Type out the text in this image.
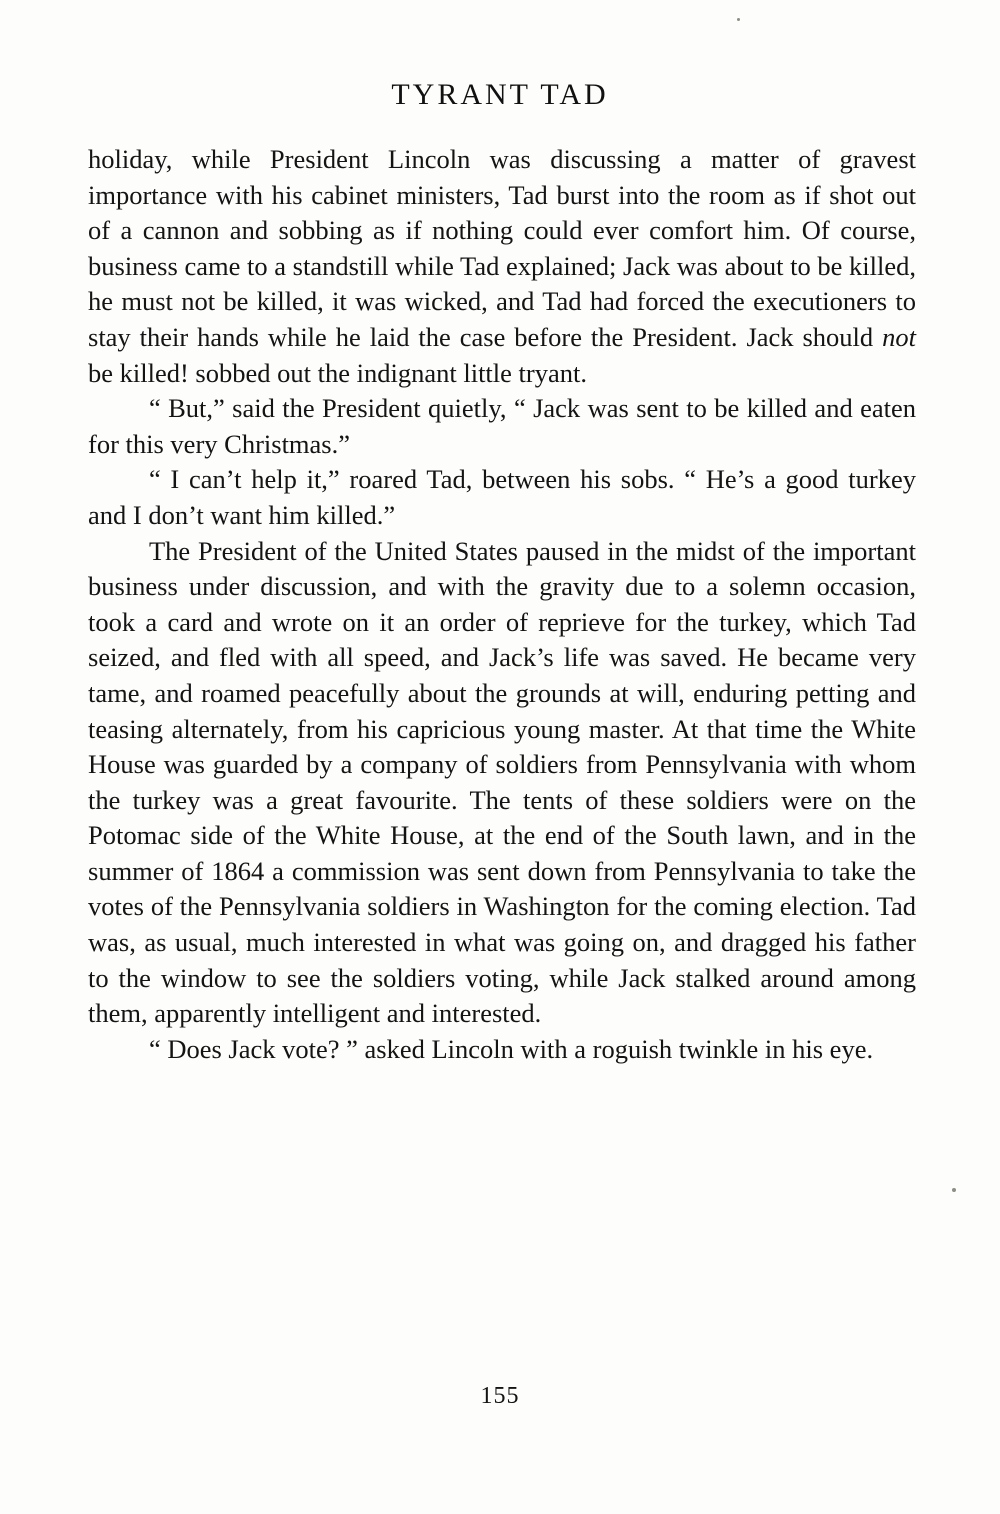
TYRANT TAD

holiday, while President Lincoln was discussing a matter of gravest importance with his cabinet ministers, Tad burst into the room as if shot out of a cannon and sobbing as if nothing could ever comfort him. Of course, business came to a standstill while Tad explained; Jack was about to be killed, he must not be killed, it was wicked, and Tad had forced the executioners to stay their hands while he laid the case before the President. Jack should not be killed! sobbed out the indignant little tryant.

“ But,” said the President quietly, “ Jack was sent to be killed and eaten for this very Christmas.”

“ I can’t help it,” roared Tad, between his sobs. “ He’s a good turkey and I don’t want him killed.”

The President of the United States paused in the midst of the important business under discussion, and with the gravity due to a solemn occasion, took a card and wrote on it an order of reprieve for the turkey, which Tad seized, and fled with all speed, and Jack’s life was saved. He became very tame, and roamed peacefully about the grounds at will, enduring petting and teasing alternately, from his capricious young master. At that time the White House was guarded by a company of soldiers from Pennsylvania with whom the turkey was a great favourite. The tents of these soldiers were on the Potomac side of the White House, at the end of the South lawn, and in the summer of 1864 a commission was sent down from Pennsylvania to take the votes of the Pennsylvania soldiers in Washington for the coming election. Tad was, as usual, much interested in what was going on, and dragged his father to the window to see the soldiers voting, while Jack stalked around among them, apparently intelligent and interested.

“ Does Jack vote? ” asked Lincoln with a roguish twinkle in his eye.

155
